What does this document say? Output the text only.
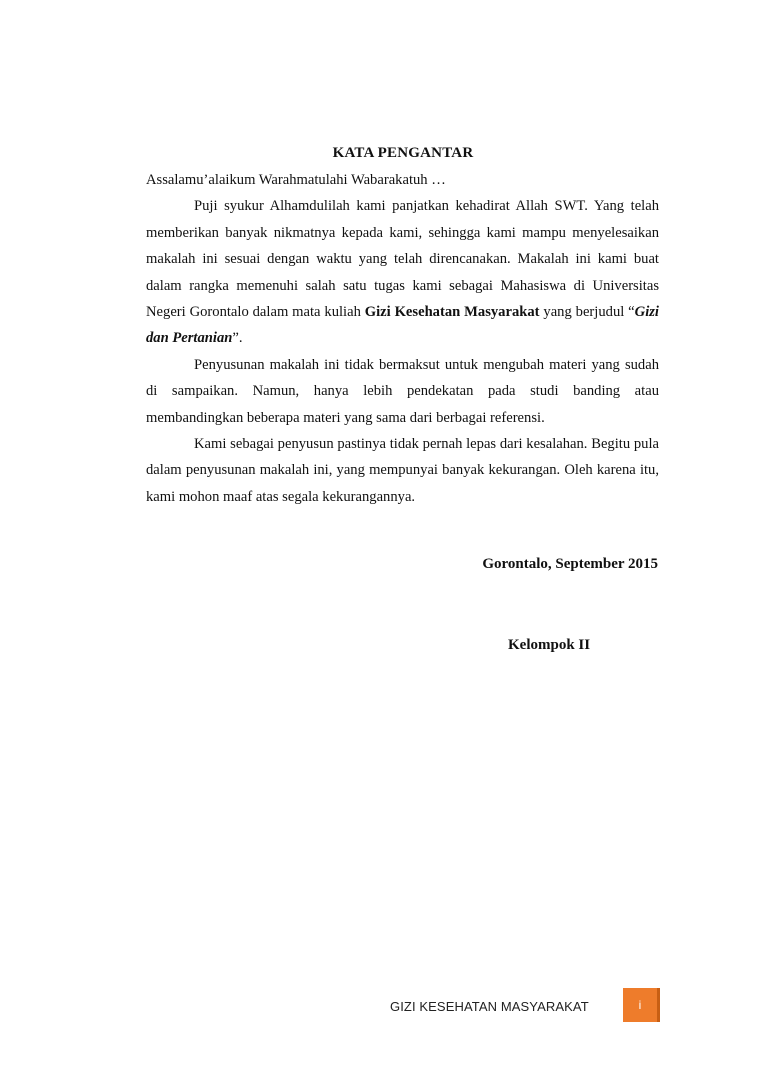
KATA PENGANTAR

Assalamu’alaikum Warahmatulahi Wabarakatuh …

Puji syukur Alhamdulilah kami panjatkan kehadirat Allah SWT. Yang telah memberikan banyak nikmatnya kepada kami, sehingga kami mampu menyelesaikan makalah ini sesuai dengan waktu yang telah direncanakan. Makalah ini kami buat dalam rangka memenuhi salah satu tugas kami sebagai Mahasiswa di Universitas Negeri Gorontalo dalam mata kuliah Gizi Kesehatan Masyarakat yang berjudul “Gizi dan Pertanian”.

Penyusunan makalah ini tidak bermaksut untuk mengubah materi yang sudah di sampaikan. Namun, hanya lebih pendekatan pada studi banding atau membandingkan beberapa materi yang sama dari berbagai referensi.

Kami sebagai penyusun pastinya tidak pernah lepas dari kesalahan. Begitu pula dalam penyusunan makalah ini, yang mempunyai banyak kekurangan. Oleh karena itu, kami mohon maaf atas segala kekurangannya.

Gorontalo, September 2015
Kelompok II
GIZI KESEHATAN MASYARAKAT	i
